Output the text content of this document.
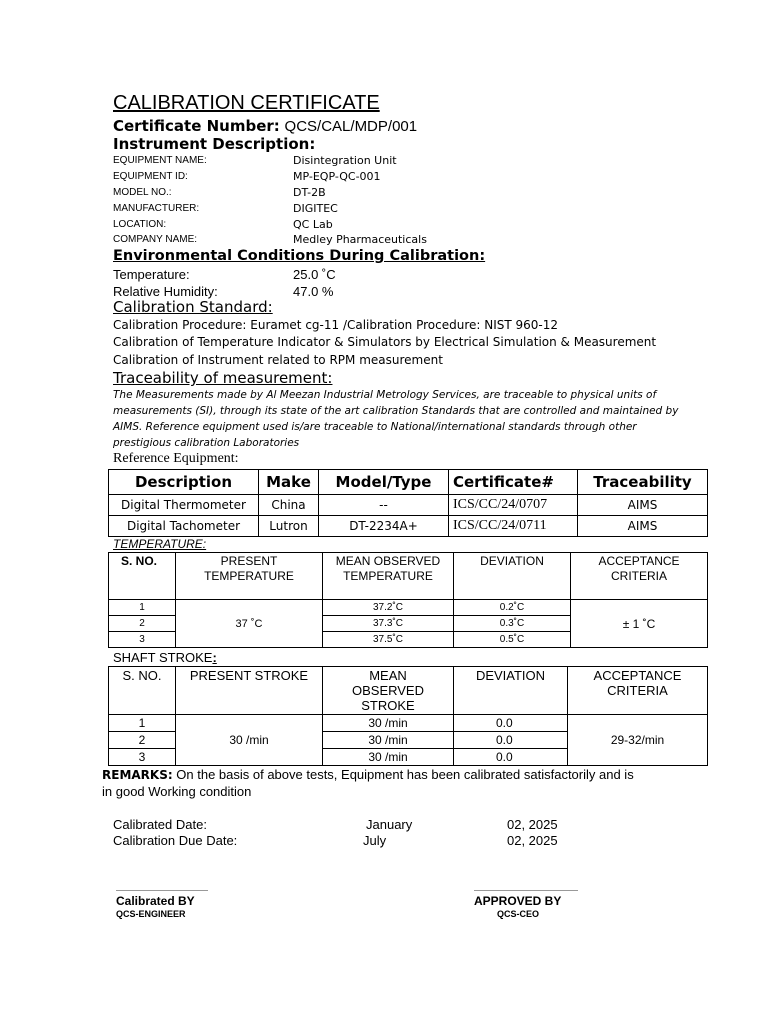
CALIBRATION CERTIFICATE
Certificate Number: QCS/CAL/MDP/001
Instrument Description:
EQUIPMENT NAME:	Disintegration Unit
EQUIPMENT ID:	MP-EQP-QC-001
MODEL NO.:	DT-2B
MANUFACTURER:	DIGITEC
LOCATION:	QC Lab
COMPANY NAME:	Medley Pharmaceuticals
Environmental Conditions During Calibration:
Temperature:	25.0 ˚C
Relative Humidity:	47.0 %
Calibration Standard:
Calibration Procedure: Euramet cg-11 /Calibration Procedure: NIST 960-12
Calibration of Temperature Indicator & Simulators by Electrical Simulation & Measurement
Calibration of Instrument related to RPM measurement
Traceability of measurement:
The Measurements made by Al Meezan Industrial Metrology Services, are traceable to physical units of
measurements (SI), through its state of the art calibration Standards that are controlled and maintained by
AIMS. Reference equipment used is/are traceable to National/international standards through other
prestigious calibration Laboratories
Reference Equipment:
Description	Make	Model/Type	Certificate#	Traceability
Digital Thermometer	China	--	ICS/CC/24/0707	AIMS
Digital Tachometer	Lutron	DT-2234A+	ICS/CC/24/0711	AIMS
TEMPERATURE:
S. NO.	PRESENT TEMPERATURE	MEAN OBSERVED TEMPERATURE	DEVIATION	ACCEPTANCE CRITERIA
1	37 ˚C	37.2˚C	0.2˚C	± 1 ˚C
2		37.3˚C	0.3˚C	
3		37.5˚C	0.5˚C	
SHAFT STROKE:
S. NO.	PRESENT STROKE	MEAN OBSERVED STROKE	DEVIATION	ACCEPTANCE CRITERIA
1	30 /min	30 /min	0.0	29-32/min
2		30 /min	0.0	
3		30 /min	0.0	
REMARKS: On the basis of above tests, Equipment has been calibrated satisfactorily and is
in good Working condition
Calibrated Date:	January	02, 2025
Calibration Due Date:	July	02, 2025
Calibrated BY
QCS-ENGINEER
APPROVED BY
QCS-CEO
